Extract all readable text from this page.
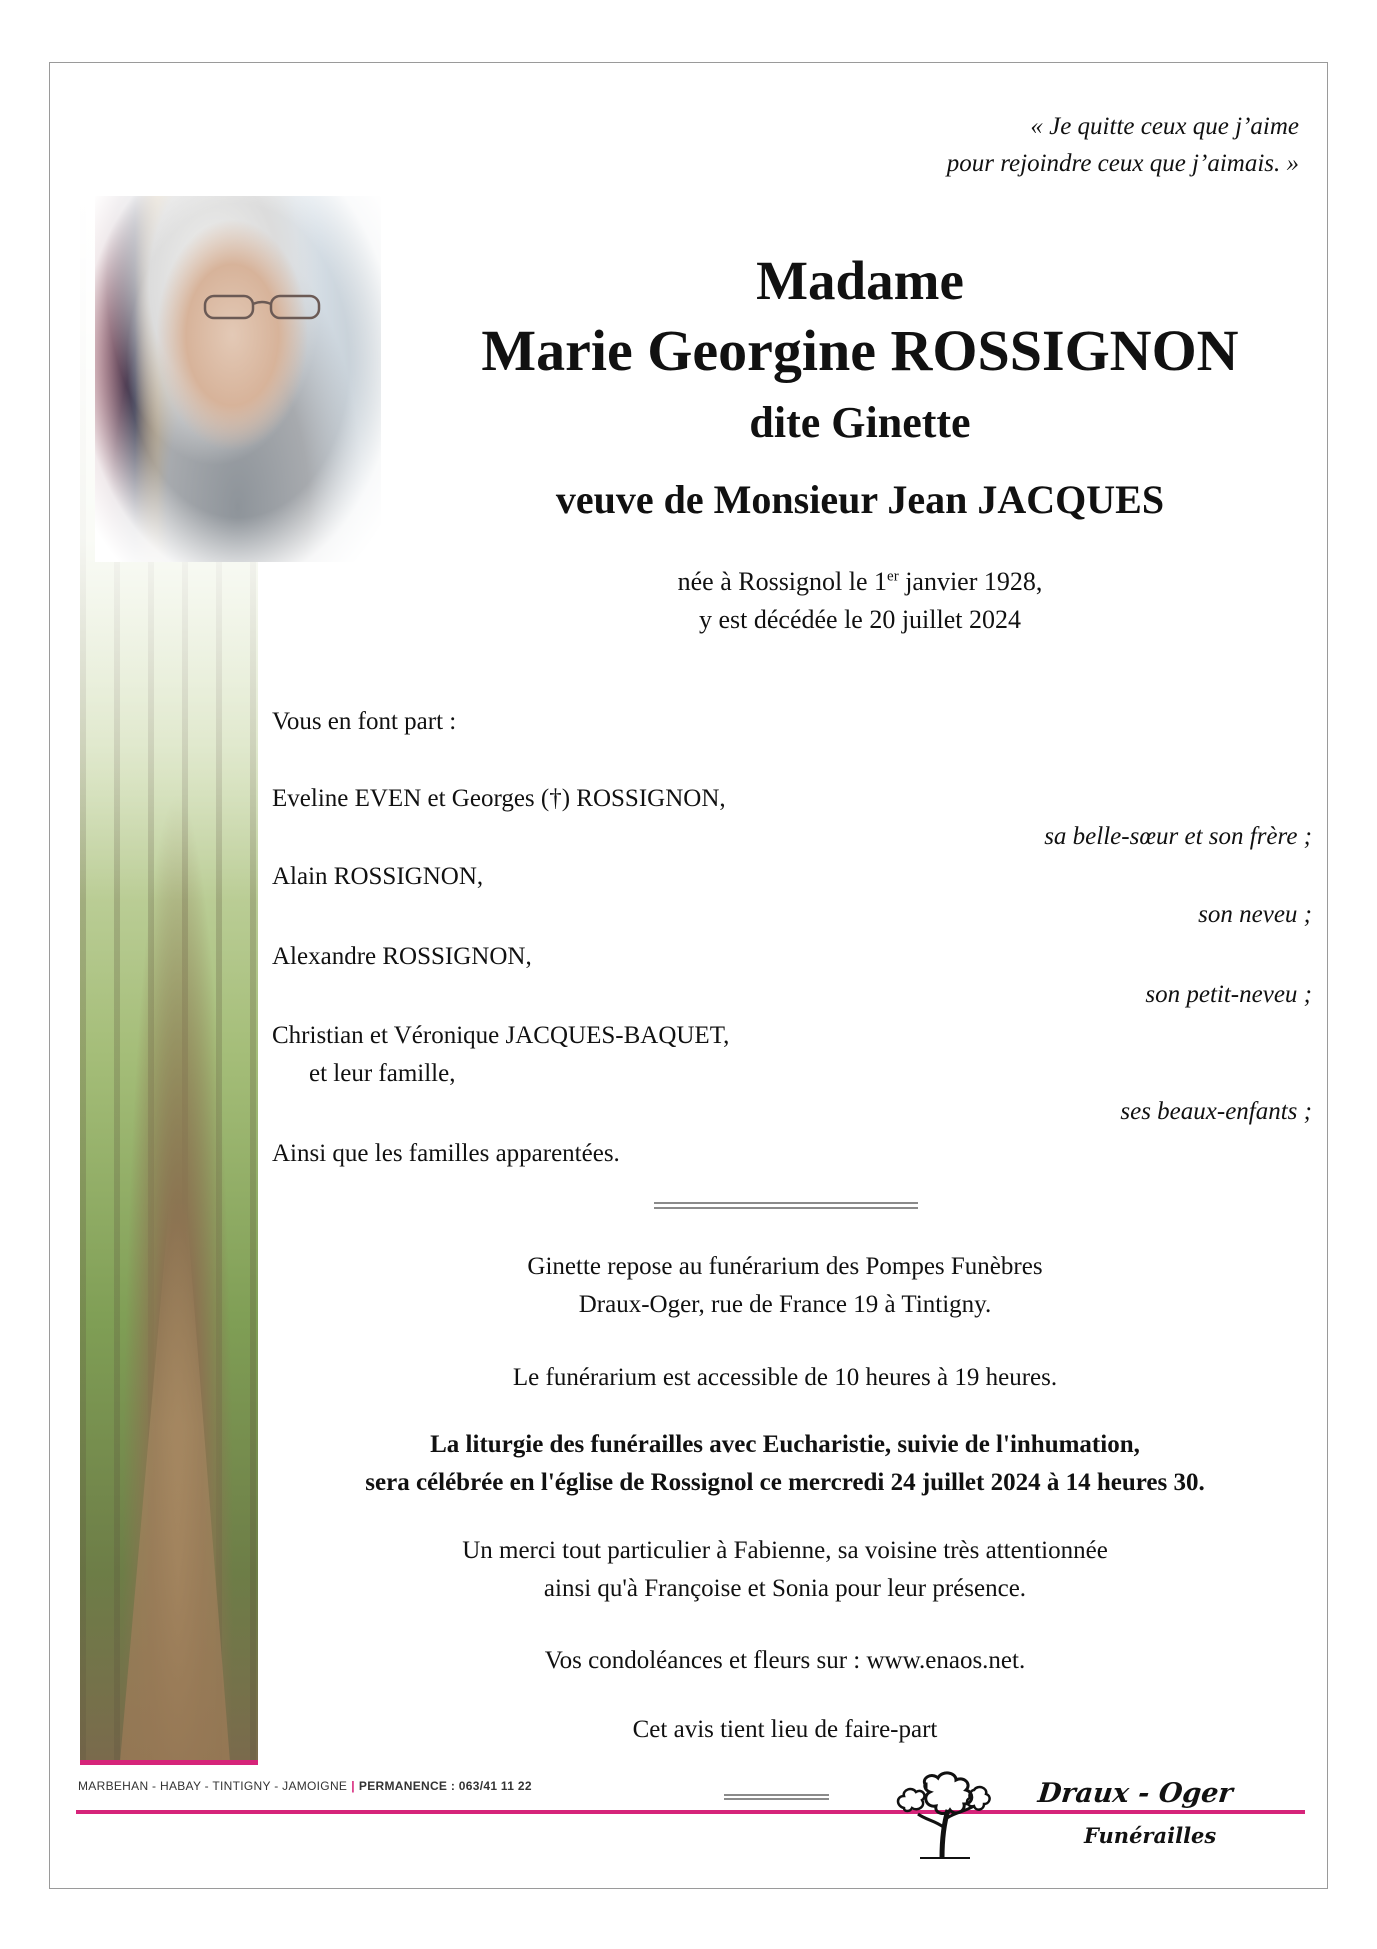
« Je quitte ceux que j’aime
pour rejoindre ceux que j’aimais. »
Madame
Marie Georgine ROSSIGNON
dite Ginette
veuve de Monsieur Jean JACQUES
née à Rossignol le 1er janvier 1928,
y est décédée le 20 juillet 2024
Vous en font part :
Eveline EVEN et Georges (†) ROSSIGNON,
sa belle-sœur et son frère ;
Alain ROSSIGNON,
son neveu ;
Alexandre ROSSIGNON,
son petit-neveu ;
Christian et Véronique JACQUES-BAQUET,
et leur famille,
ses beaux-enfants ;
Ainsi que les familles apparentées.
Ginette repose au funérarium des Pompes Funèbres
Draux-Oger, rue de France 19 à Tintigny.
Le funérarium est accessible de 10 heures à 19 heures.
La liturgie des funérailles avec Eucharistie, suivie de l'inhumation,
sera célébrée en l'église de Rossignol ce mercredi 24 juillet 2024 à 14 heures 30.
Un merci tout particulier à Fabienne, sa voisine très attentionnée
ainsi qu'à Françoise et Sonia pour leur présence.
Vos condoléances et fleurs sur : www.enaos.net.
Cet avis tient lieu de faire-part
MARBEHAN - HABAY - TINTIGNY - JAMOIGNE | PERMANENCE : 063/41 11 22	Draux - Oger
Funérailles
